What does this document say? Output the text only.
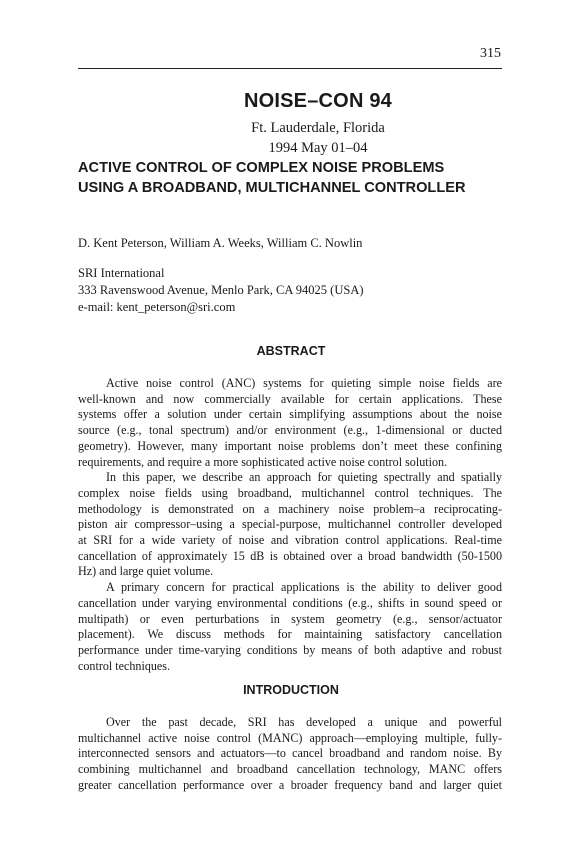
315
NOISE–CON 94
Ft. Lauderdale, Florida
1994 May 01–04
ACTIVE CONTROL OF COMPLEX NOISE PROBLEMS
USING A BROADBAND, MULTICHANNEL CONTROLLER
D. Kent Peterson, William A. Weeks, William C. Nowlin
SRI International
333 Ravenswood Avenue, Menlo Park, CA 94025 (USA)
e-mail: kent_peterson@sri.com
ABSTRACT
Active noise control (ANC) systems for quieting simple noise fields are
well-known and now commercially available for certain applications. These
systems offer a solution under certain simplifying assumptions about the noise
source (e.g., tonal spectrum) and/or environment (e.g., 1-dimensional or ducted
geometry). However, many important noise problems don’t meet these confining
requirements, and require a more sophisticated active noise control solution.
In this paper, we describe an approach for quieting spectrally and spatially
complex noise fields using broadband, multichannel control techniques. The
methodology is demonstrated on a machinery noise problem–a reciprocating-
piston air compressor–using a special-purpose, multichannel controller developed
at SRI for a wide variety of noise and vibration control applications. Real-time
cancellation of approximately 15 dB is obtained over a broad bandwidth (50-1500
Hz) and large quiet volume.
A primary concern for practical applications is the ability to deliver good
cancellation under varying environmental conditions (e.g., shifts in sound speed or
multipath) or even perturbations in system geometry (e.g., sensor/actuator
placement). We discuss methods for maintaining satisfactory cancellation
performance under time-varying conditions by means of both adaptive and robust
control techniques.
INTRODUCTION
Over the past decade, SRI has developed a unique and powerful
multichannel active noise control (MANC) approach—employing multiple, fully-
interconnected sensors and actuators—to cancel broadband and random noise. By
combining multichannel and broadband cancellation technology, MANC offers
greater cancellation performance over a broader frequency band and larger quiet
